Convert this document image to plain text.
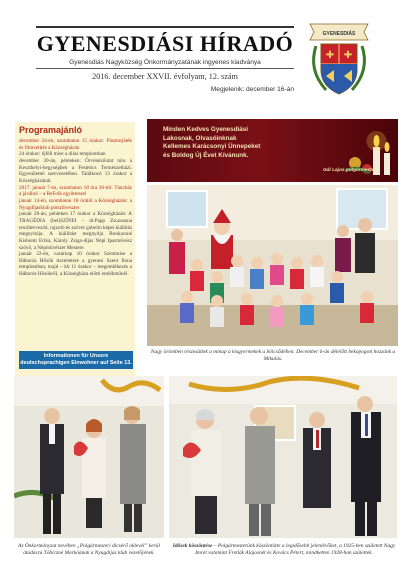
GYENESDIÁSI HÍRADÓ
Gyenesdiás Nagyközség Önkormányzatának ingyenes kiadványa
2016. december XXVII. évfolyam, 12. szám
Megjelenik: december 16-án
GYENESDIÁS
✚ ✚
Programajánló

december 24-én, szombaton 15 órakor: Pásztorjáték és filmvetítés a Községházán

24 órakor: éjféli mise a diási templomban

december 30-án, pénteken: Örvénézőutat túra a Keszthelyi-hegységben a Festetics Természetházi. Egyesülettel szervezetében. Találkozó 13 órakor a Községházánál.

2017. január 7-én, szombaton 18 óra 30-tól: Táncház a jávábol – a ReFolk együttessel

január 14-én, szombaton 18 órától a Községházán: a Nyugdíjasklub pótszilveszter

január 20-án, pénteken 17 órakor a Községházán: A TRAGÉDIA (bel)SZÍNEI – dr.Papp Zsuzsanna textilterveződ, rajzoló és szövet gobelin képei kiállítás megnyitója. A kiállítást megnyitja Bonkacsné Kishonti Erika, Károly Zsiga-díjas Népi Iparművész szövő, a Népművészet Mestere.

január 22-én, vasárnap 10 órakor Szentmise a Háborús Hősök tiszteletére a gyenesi Szent Ilona templomban, majd – kb 11 órakor – megemlékezés a Háborús Hősökről, a Községháza előtti emlékműnél.

Informationen für Unsere deutschsprachigen Einwohner auf Seite 13.
Minden Kedves Gyenesdiási
Lakosnak, Olvasóinknak
Kellemes Karácsonyi Ünnepeket
és Boldog Új Évet Kívánunk.
Gál Lajos polgármester
Nagy örömben részesültek a minap a kisgyermekek a bölcsődében. December 6-án délelőtt bekopogott hozzánk a Mikulás.
Az Önkormányzat nevében „Polgármesteri dicsérő oklevél” kerül átadásra Tóbiczné Markóának a Nyugdíjas klub vezetőjének.
Idősek köszöntése – Polgármesterünk köszöntötte a legidősebb jelenlévőket, a 1925-ben született Nagy Imrét valamint Fretlák Alajosnét és Kovács Pétert, mindketten 1928-ban születtek.
